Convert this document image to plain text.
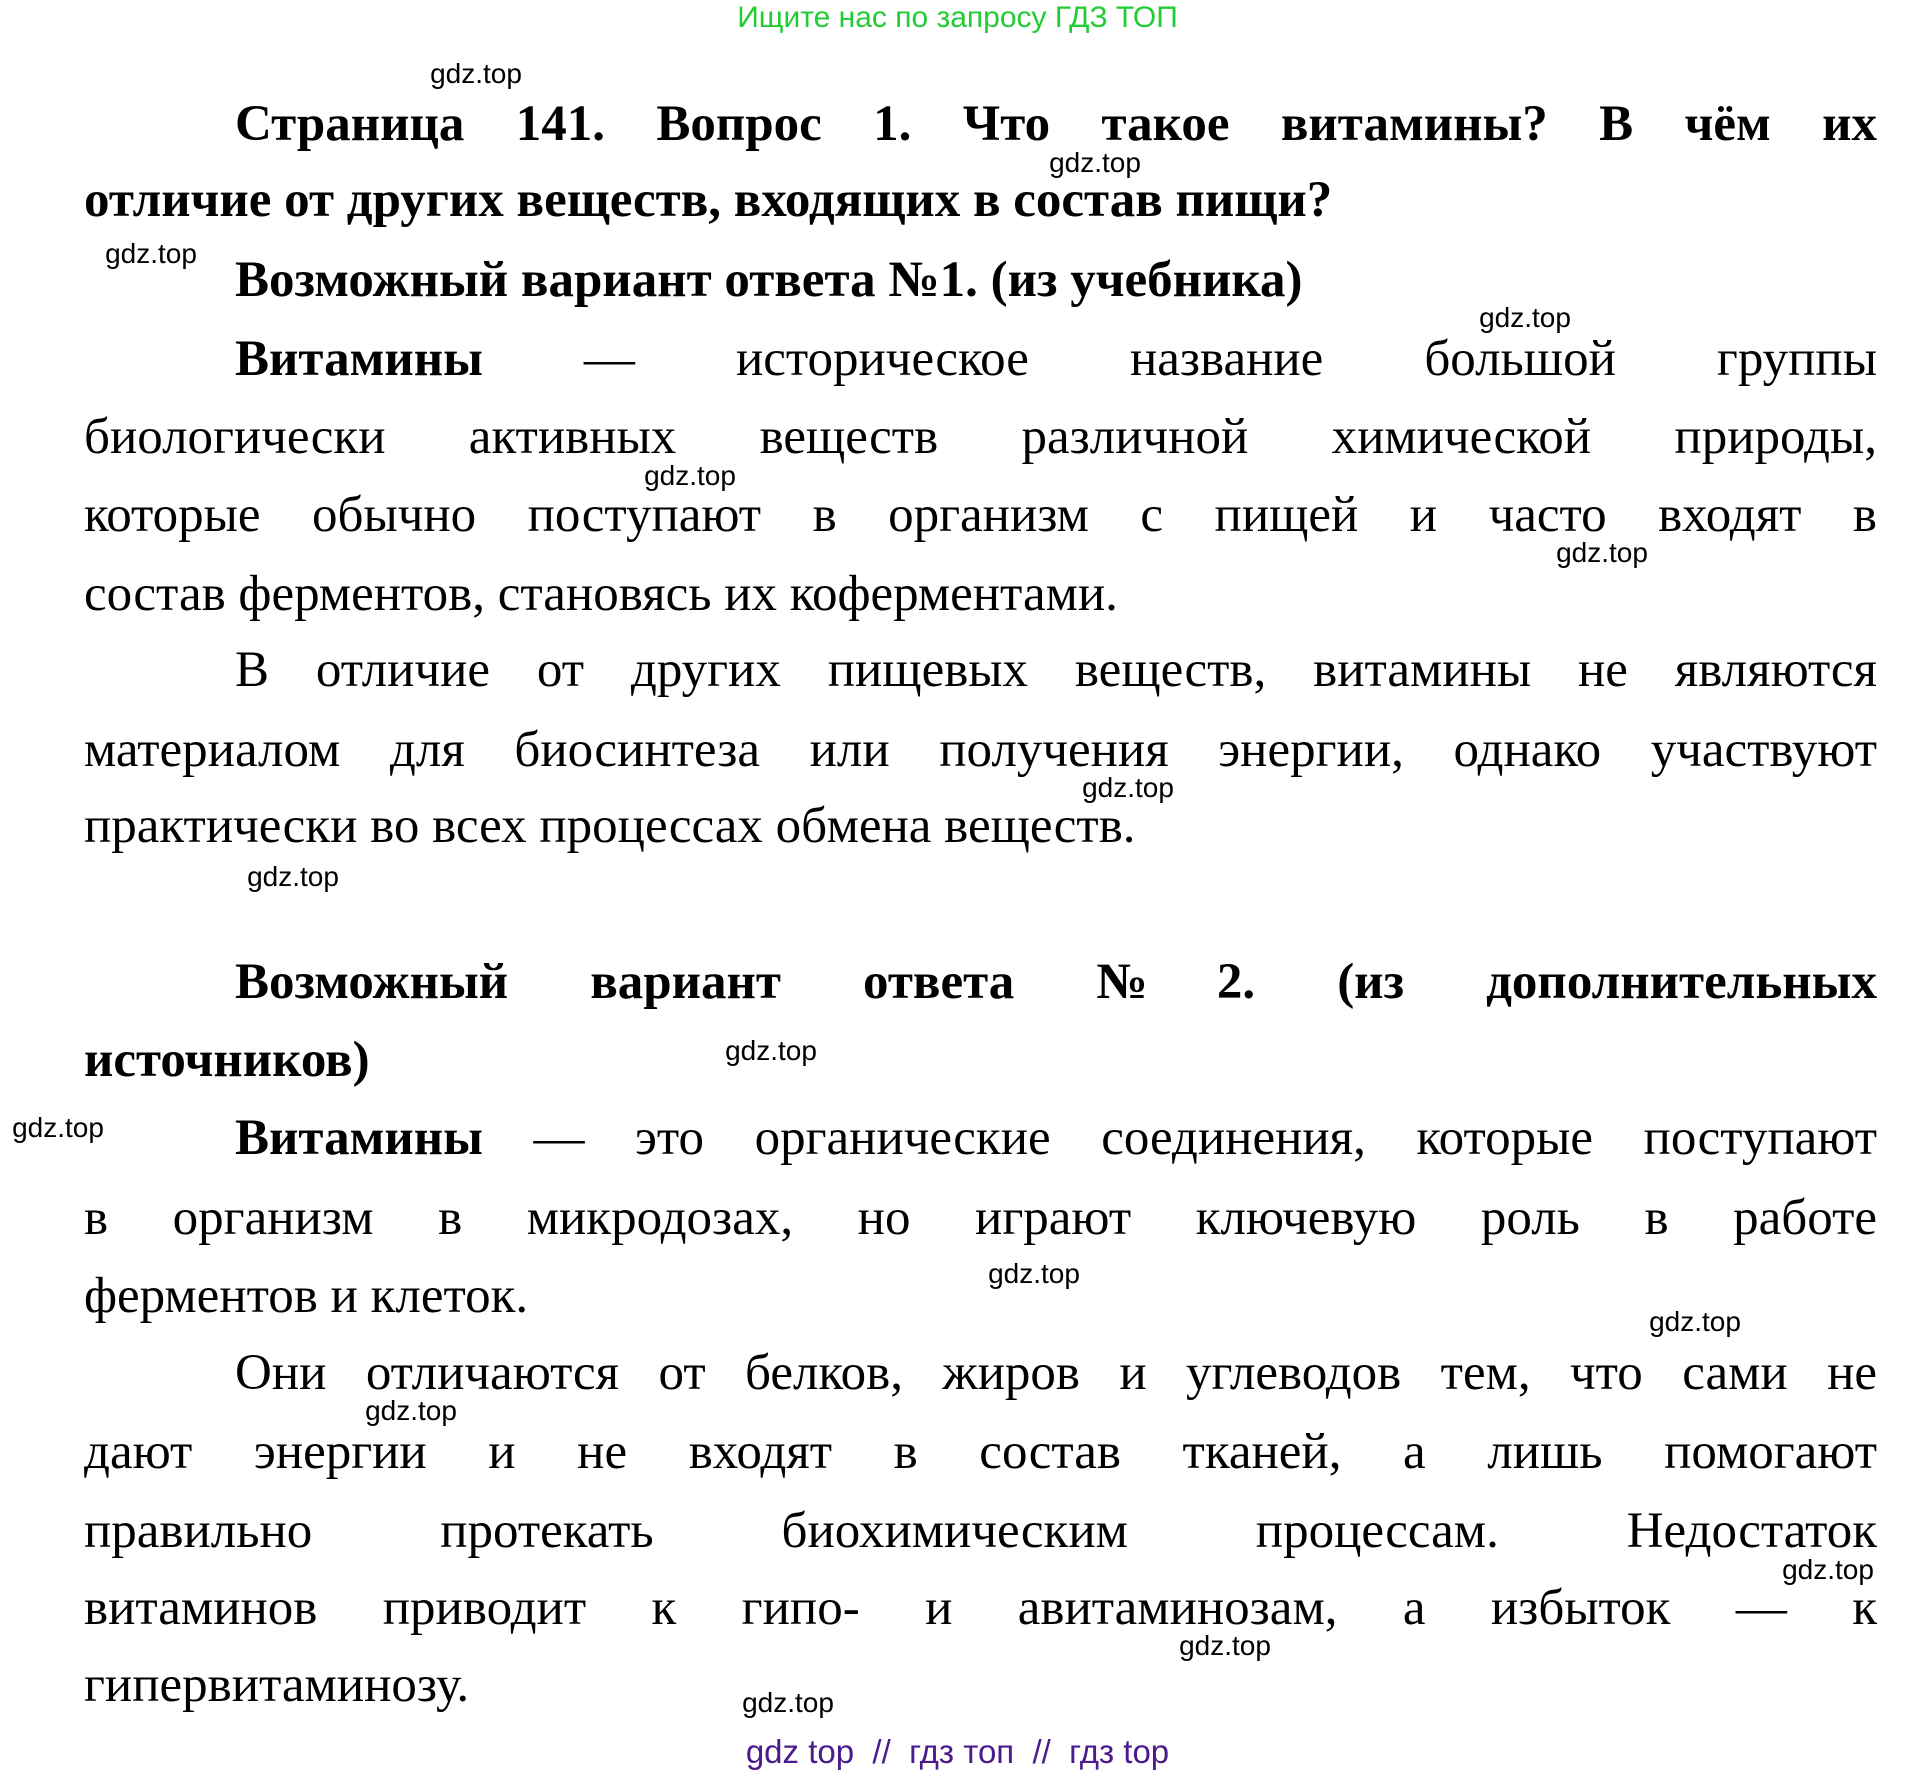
Ищите нас по запросу ГДЗ ТОП
Страница 141. Вопрос 1. Что такое витамины? В чём их
отличие от других веществ, входящих в состав пищи?
Возможный вариант ответа №1. (из учебника)
Витамины — историческое название большой группы
биологически активных веществ различной химической природы,
которые обычно поступают в организм с пищей и часто входят в
состав ферментов, становясь их коферментами.
В отличие от других пищевых веществ, витамины не являются
материалом для биосинтеза или получения энергии, однако участвуют
практически во всех процессах обмена веществ.
Возможный вариант ответа №2. (из дополнительных
источников)
Витамины — это органические соединения, которые поступают
в организм в микродозах, но играют ключевую роль в работе
ферментов и клеток.
Они отличаются от белков, жиров и углеводов тем, что сами не
дают энергии и не входят в состав тканей, а лишь помогают
правильно протекать биохимическим процессам. Недостаток
витаминов приводит к гипо- и авитаминозам, а избыток — к
гипервитаминозу.
gdz.top
gdz.top
gdz.top
gdz.top
gdz.top
gdz.top
gdz.top
gdz.top
gdz.top
gdz.top
gdz.top
gdz.top
gdz.top
gdz.top
gdz.top
gdz.top
gdz top  //  гдз топ  //  гдз top
